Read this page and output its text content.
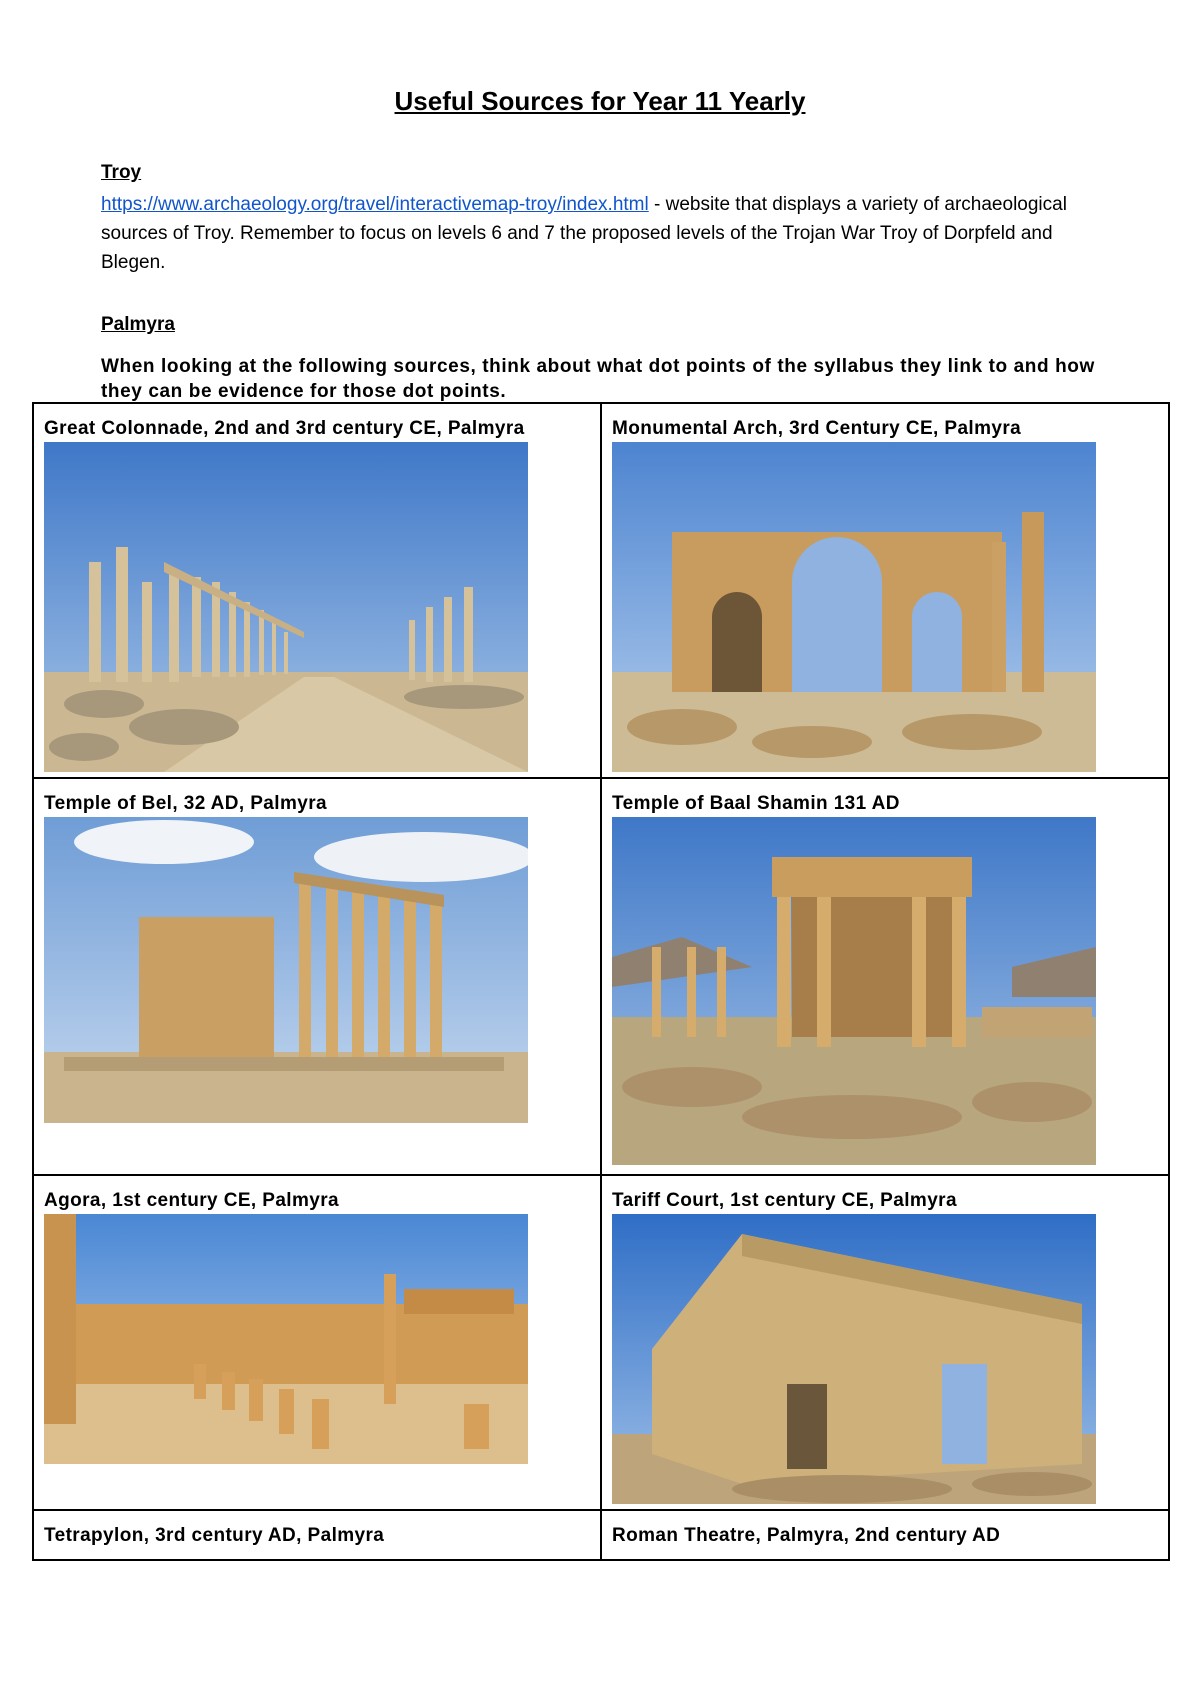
Useful Sources for Year 11 Yearly
Troy

https://www.archaeology.org/travel/interactivemap-troy/index.html - website that displays a variety of archaeological sources of Troy. Remember to focus on levels 6 and 7 the proposed levels of the Trojan War Troy of Dorpfeld and Blegen.

Palmyra

When looking at the following sources, think about what dot points of the syllabus they link to and how they can be evidence for those dot points.

Great Colonnade, 2nd and 3rd century CE, Palmyra	Monumental Arch, 3rd Century CE, Palmyra

Temple of Bel, 32 AD, Palmyra	Temple of Baal Shamin 131 AD

Agora, 1st century CE, Palmyra	Tariff Court, 1st century CE, Palmyra

Tetrapylon, 3rd century AD, Palmyra	Roman Theatre, Palmyra, 2nd century AD
